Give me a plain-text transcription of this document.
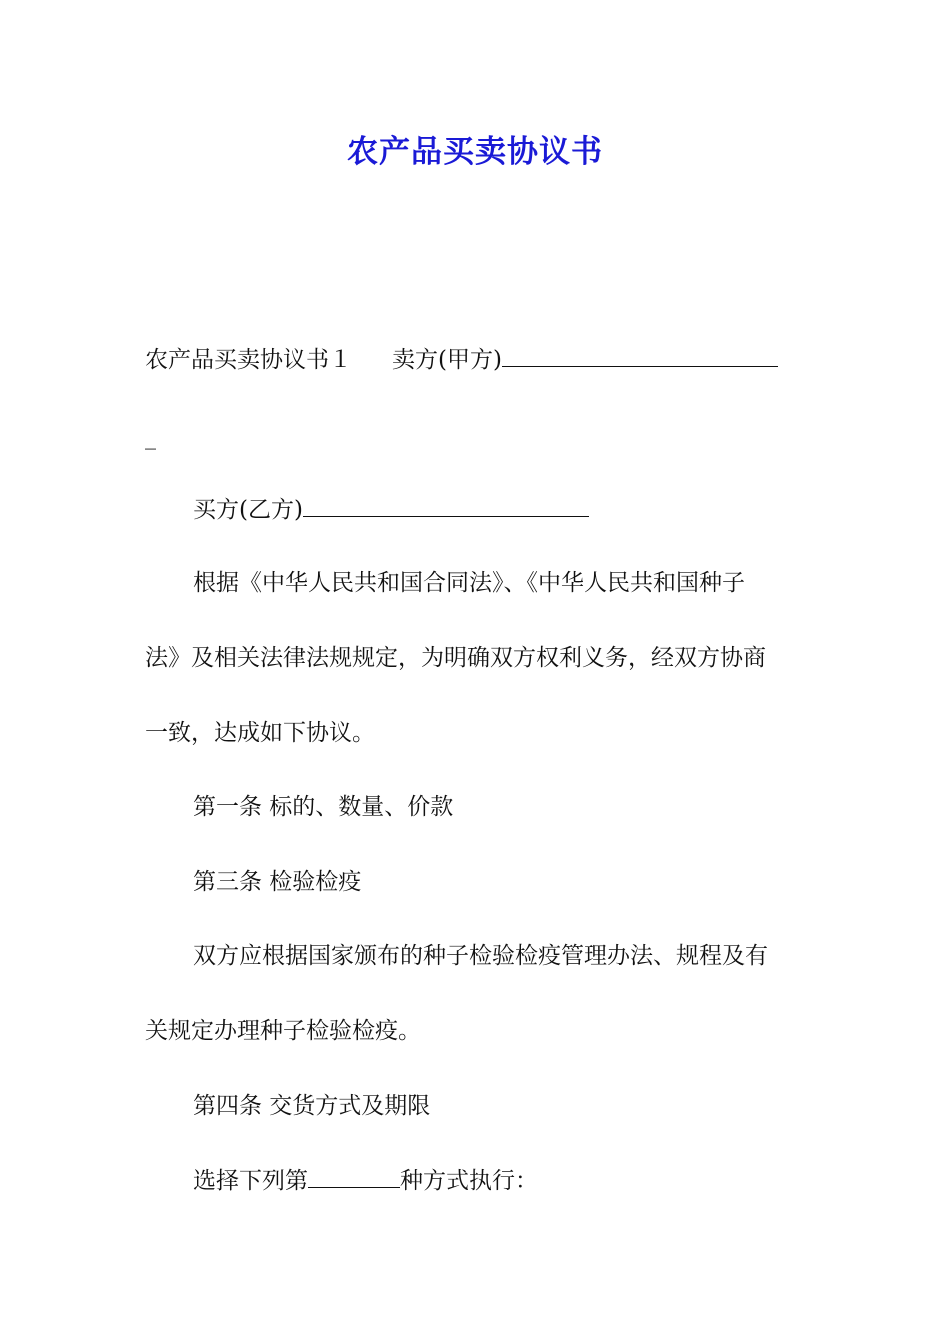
农产品买卖协议书
农产品买卖协议书１ 卖方(甲方)
_
买方(乙方)
根据《中华人民共和国合同法》、《中华人民共和国种子
法》及相关法律法规规定，为明确双方权利义务，经双方协商
一致，达成如下协议。
第一条 标的、数量、价款
第三条 检验检疫
双方应根据国家颁布的种子检验检疫管理办法、规程及有
关规定办理种子检验检疫。
第四条 交货方式及期限
选择下列第	种方式执行：
